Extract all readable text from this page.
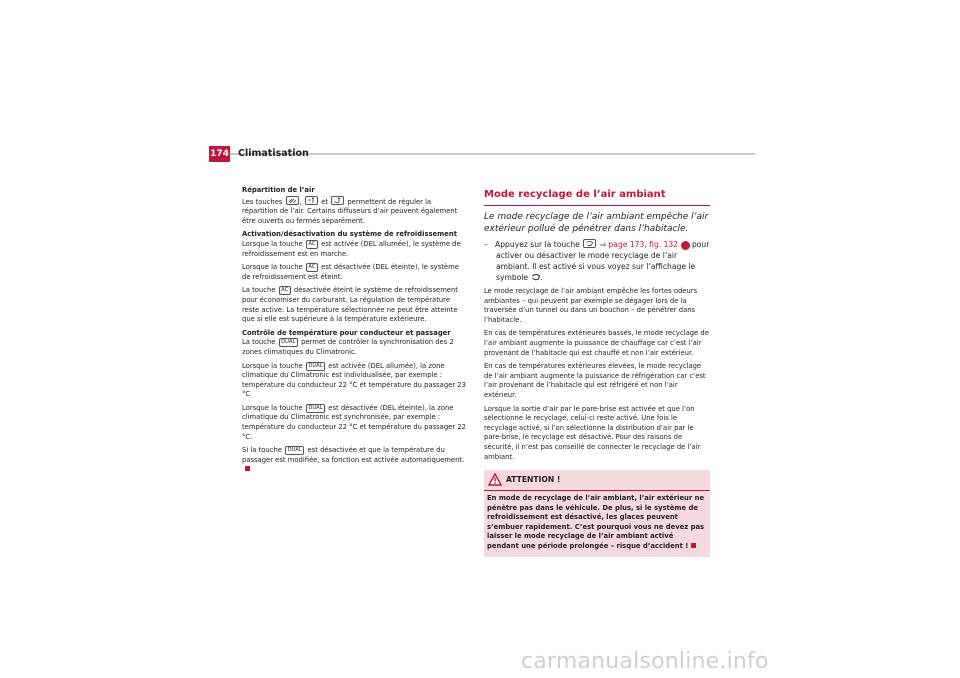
174 Climatisation

Répartition de l’air
Les touches	,	et	permettent de réguler la répartition de l’air. Certains diffuseurs d’air peuvent également être ouverts ou fermés séparément.

Activation/désactivation du système de refroidissement
Lorsque la touche AC est activée (DEL allumée), le système de refroidissement est en marche.

Lorsque la touche AC est désactivée (DEL éteinte), le système de refroidissement est éteint.

La touche AC désactivée éteint le système de refroidissement pour économiser du carburant. La régulation de température reste active. La température sélectionnée ne peut être atteinte que si elle est supérieure à la température extérieure.

Contrôle de température pour conducteur et passager
La touche DUAL permet de contrôler la synchronisation des 2 zones climatiques du Climatronic.

Lorsque la touche DUAL est activée (DEL allumée), la zone climatique du Climatronic est individualisée, par exemple : température du conducteur 22 °C et température du passager 23 °C

Lorsque la touche DUAL est désactivée (DEL éteinte), la zone climatique du Climatronic est synchronisée, par exemple : température du conducteur 22 °C et température du passager 22 °C.

Si la touche DUAL est désactivée et que la température du passager est modifiée, sa fonction est activée automatiquement.

Mode recyclage de l’air ambiant

Le mode recyclage de l’air ambiant empêche l’air extérieur pollué de pénétrer dans l’habitacle.

– Appuyez sur la touche	⇒ page 173, fig. 132 2 pour activer ou désactiver le mode recyclage de l’air ambiant. Il est activé si vous voyez sur l’affichage le symbole .

Le mode recyclage de l’air ambiant empêche les fortes odeurs ambiantes – qui peuvent par exemple se dégager lors de la traversée d’un tunnel ou dans un bouchon – de pénétrer dans l’habitacle.

En cas de températures extérieures basses, le mode recyclage de l’air ambiant augmente la puissance de chauffage car c’est l’air provenant de l’habitacle qui est chauffé et non l’air extérieur.

En cas de températures extérieures élevées, le mode recyclage de l’air ambiant augmente la puissance de réfrigération car c’est l’air provenant de l’habitacle qui est réfrigéré et non l’air extérieur.

Lorsque la sortie d’air par le pare-brise est activée et que l’on sélectionne le recyclage, celui-ci reste activé. Une fois le recyclage activé, si l’on sélectionne la distribution d’air par le pare-brise, le recyclage est désactivé. Pour des raisons de sécurité, il n’est pas conseillé de connecter le recyclage de l’air ambiant.

ATTENTION !
En mode de recyclage de l’air ambiant, l’air extérieur ne pénètre pas dans le véhicule. De plus, si le système de refroidissement est désactivé, les glaces peuvent s’embuer rapidement. C’est pourquoi vous ne devez pas laisser le mode recyclage de l’air ambiant activé pendant une période prolongée – risque d’accident !
carmanualsonline.info
